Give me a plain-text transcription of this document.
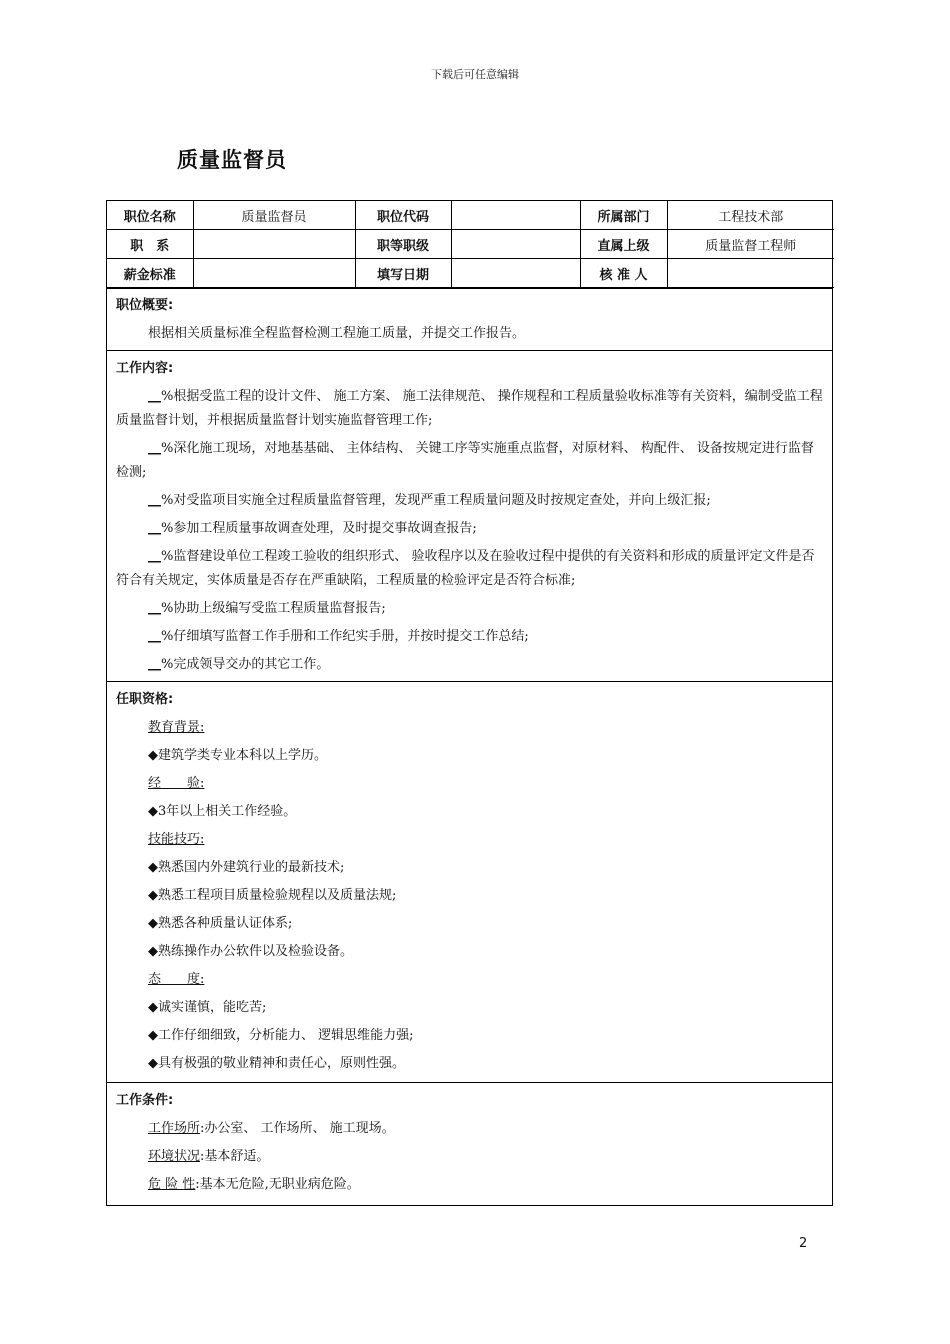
下载后可任意编辑
质量监督员
职位名称	质量监督员	职位代码		所属部门	工程技术部
职　系		职等职级		直属上级	质量监督工程师
薪金标准		填写日期		核 准 人	
职位概要:

根据相关质量标准全程监督检测工程施工质量，并提交工作报告。

工作内容:

__%根据受监工程的设计文件、 施工方案、 施工法律规范、 操作规程和工程质量验收标准等有关资料，编制受监工程质量监督计划，并根据质量监督计划实施监督管理工作;

__%深化施工现场，对地基基础、 主体结构、 关键工序等实施重点监督，对原材料、 构配件、 设备按规定进行监督检测;

__%对受监项目实施全过程质量监督管理，发现严重工程质量问题及时按规定查处，并向上级汇报;

__%参加工程质量事故调查处理，及时提交事故调查报告;

__%监督建设单位工程竣工验收的组织形式、 验收程序以及在验收过程中提供的有关资料和形成的质量评定文件是否符合有关规定，实体质量是否存在严重缺陷，工程质量的检验评定是否符合标准;

__%协助上级编写受监工程质量监督报告;

__%仔细填写监督工作手册和工作纪实手册，并按时提交工作总结;

__%完成领导交办的其它工作。

任职资格:

教育背景:

◆建筑学类专业本科以上学历。

经　　验:

◆3年以上相关工作经验。

技能技巧:

◆熟悉国内外建筑行业的最新技术;

◆熟悉工程项目质量检验规程以及质量法规;

◆熟悉各种质量认证体系;

◆熟练操作办公软件以及检验设备。

态　　度:

◆诚实谨慎，能吃苦;

◆工作仔细细致，分析能力、 逻辑思维能力强;

◆具有极强的敬业精神和责任心，原则性强。

工作条件:

工作场所:办公室、 工作场所、 施工现场。

环境状况:基本舒适。

危 险 性:基本无危险,无职业病危险。

2
